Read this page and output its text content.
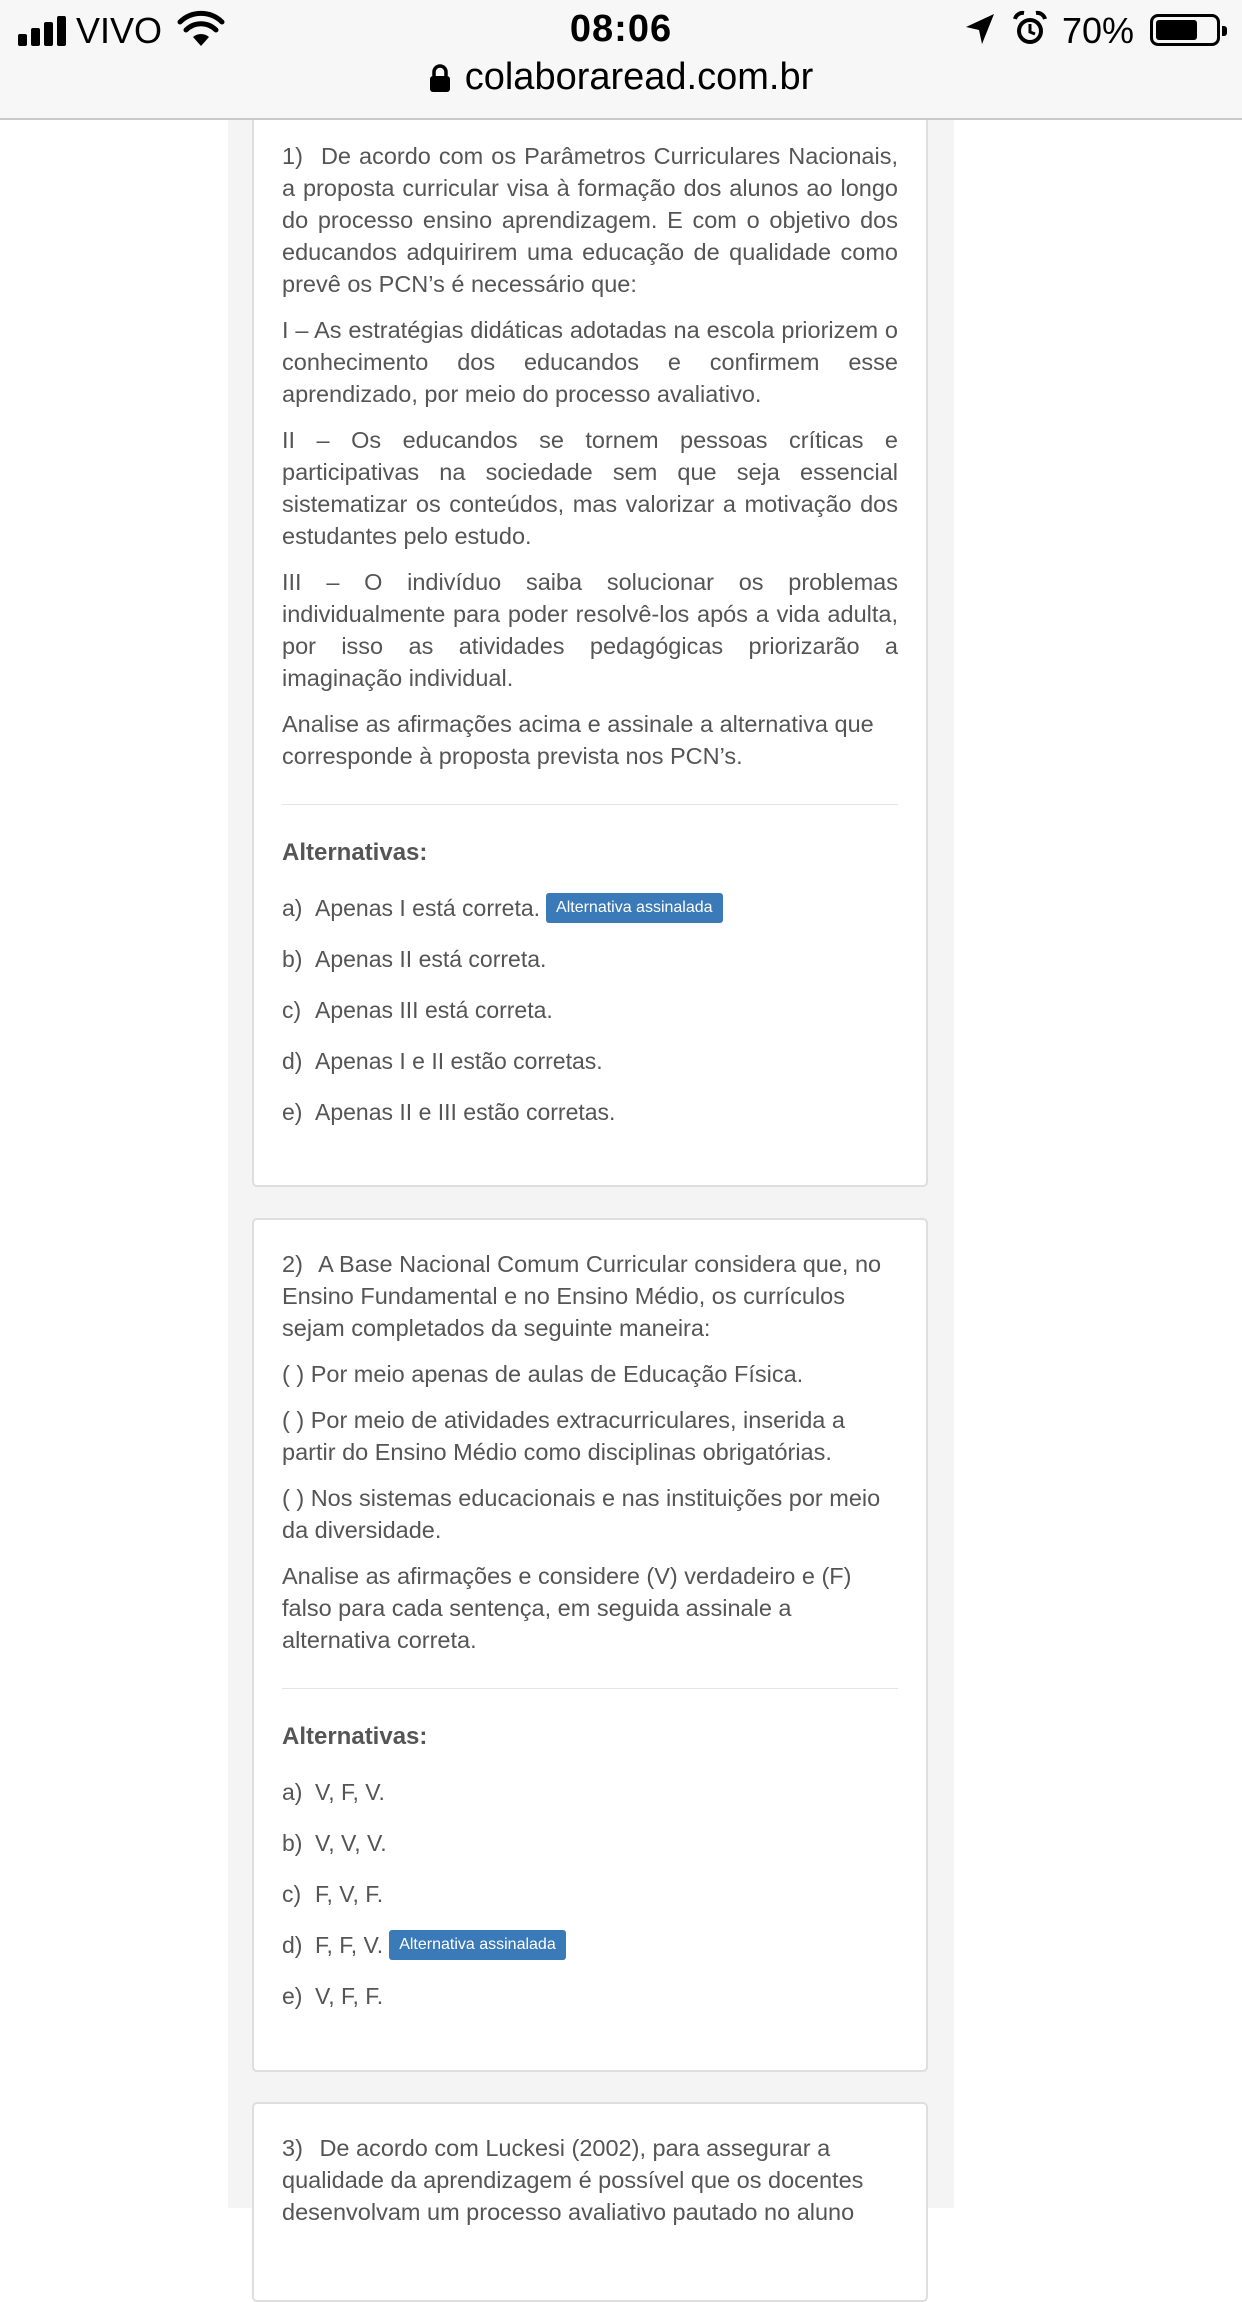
VIVO	08:06	70%
colaboraread.com.br

1) De acordo com os Parâmetros Curriculares Nacionais, a proposta curricular visa à formação dos alunos ao longo do processo ensino aprendizagem. E com o objetivo dos educandos adquirirem uma educação de qualidade como prevê os PCN’s é necessário que:

I – As estratégias didáticas adotadas na escola priorizem o conhecimento dos educandos e confirmem esse aprendizado, por meio do processo avaliativo.

II – Os educandos se tornem pessoas críticas e participativas na sociedade sem que seja essencial sistematizar os conteúdos, mas valorizar a motivação dos estudantes pelo estudo.

III – O indivíduo saiba solucionar os problemas individualmente para poder resolvê-los após a vida adulta, por isso as atividades pedagógicas priorizarão a imaginação individual.

Analise as afirmações acima e assinale a alternativa que corresponde à proposta prevista nos PCN’s.

Alternativas:
a) Apenas I está correta.	Alternativa assinalada
b) Apenas II está correta.
c) Apenas III está correta.
d) Apenas I e II estão corretas.
e) Apenas II e III estão corretas.

2) A Base Nacional Comum Curricular considera que, no Ensino Fundamental e no Ensino Médio, os currículos sejam completados da seguinte maneira:

( ) Por meio apenas de aulas de Educação Física.

( ) Por meio de atividades extracurriculares, inserida a partir do Ensino Médio como disciplinas obrigatórias.

( ) Nos sistemas educacionais e nas instituições por meio da diversidade.

Analise as afirmações e considere (V) verdadeiro e (F) falso para cada sentença, em seguida assinale a alternativa correta.

Alternativas:
a) V, F, V.
b) V, V, V.
c) F, V, F.
d) F, F, V.	Alternativa assinalada
e) V, F, F.

3) De acordo com Luckesi (2002), para assegurar a qualidade da aprendizagem é possível que os docentes desenvolvam um processo avaliativo pautado no aluno
